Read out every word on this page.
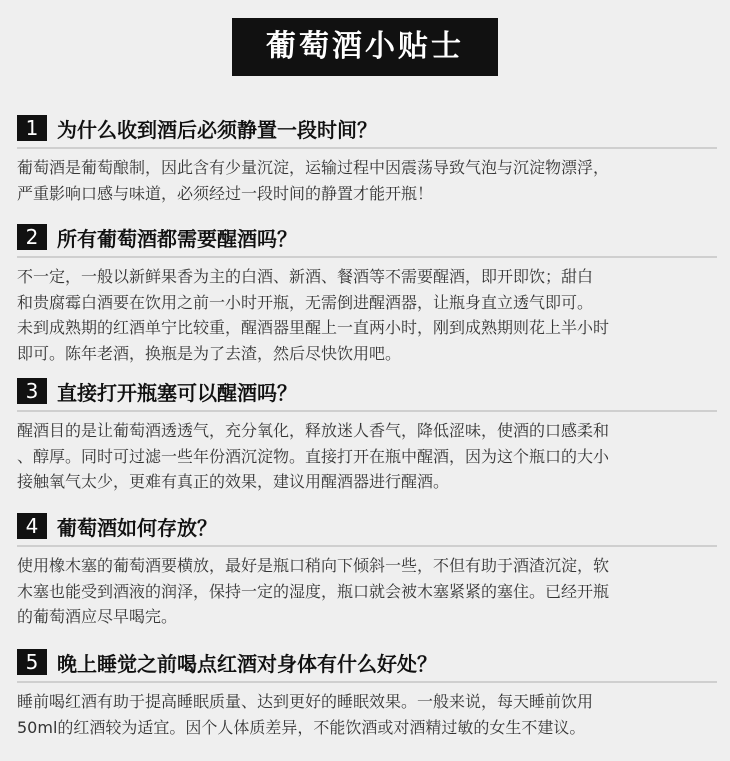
葡萄酒小贴士
1 为什么收到酒后必须静置一段时间？
葡萄酒是葡萄酿制，因此含有少量沉淀，运输过程中因震荡导致气泡与沉淀物漂浮，
严重影响口感与味道，必须经过一段时间的静置才能开瓶！
2 所有葡萄酒都需要醒酒吗？
不一定，一般以新鲜果香为主的白酒、新酒、餐酒等不需要醒酒，即开即饮；甜白
和贵腐霉白酒要在饮用之前一小时开瓶，无需倒进醒酒器，让瓶身直立透气即可。
未到成熟期的红酒单宁比较重，醒酒器里醒上一直两小时，刚到成熟期则花上半小时
即可。陈年老酒，换瓶是为了去渣，然后尽快饮用吧。
3 直接打开瓶塞可以醒酒吗？
醒酒目的是让葡萄酒透透气，充分氧化，释放迷人香气，降低涩味，使酒的口感柔和
、醇厚。同时可过滤一些年份酒沉淀物。直接打开在瓶中醒酒，因为这个瓶口的大小
接触氧气太少，更难有真正的效果，建议用醒酒器进行醒酒。
4 葡萄酒如何存放？
使用橡木塞的葡萄酒要横放，最好是瓶口稍向下倾斜一些，不但有助于酒渣沉淀，软
木塞也能受到酒液的润泽，保持一定的湿度，瓶口就会被木塞紧紧的塞住。已经开瓶
的葡萄酒应尽早喝完。
5 晚上睡觉之前喝点红酒对身体有什么好处？
睡前喝红酒有助于提高睡眠质量、达到更好的睡眠效果。一般来说，每天睡前饮用
50ml的红酒较为适宜。因个人体质差异，不能饮酒或对酒精过敏的女生不建议。
